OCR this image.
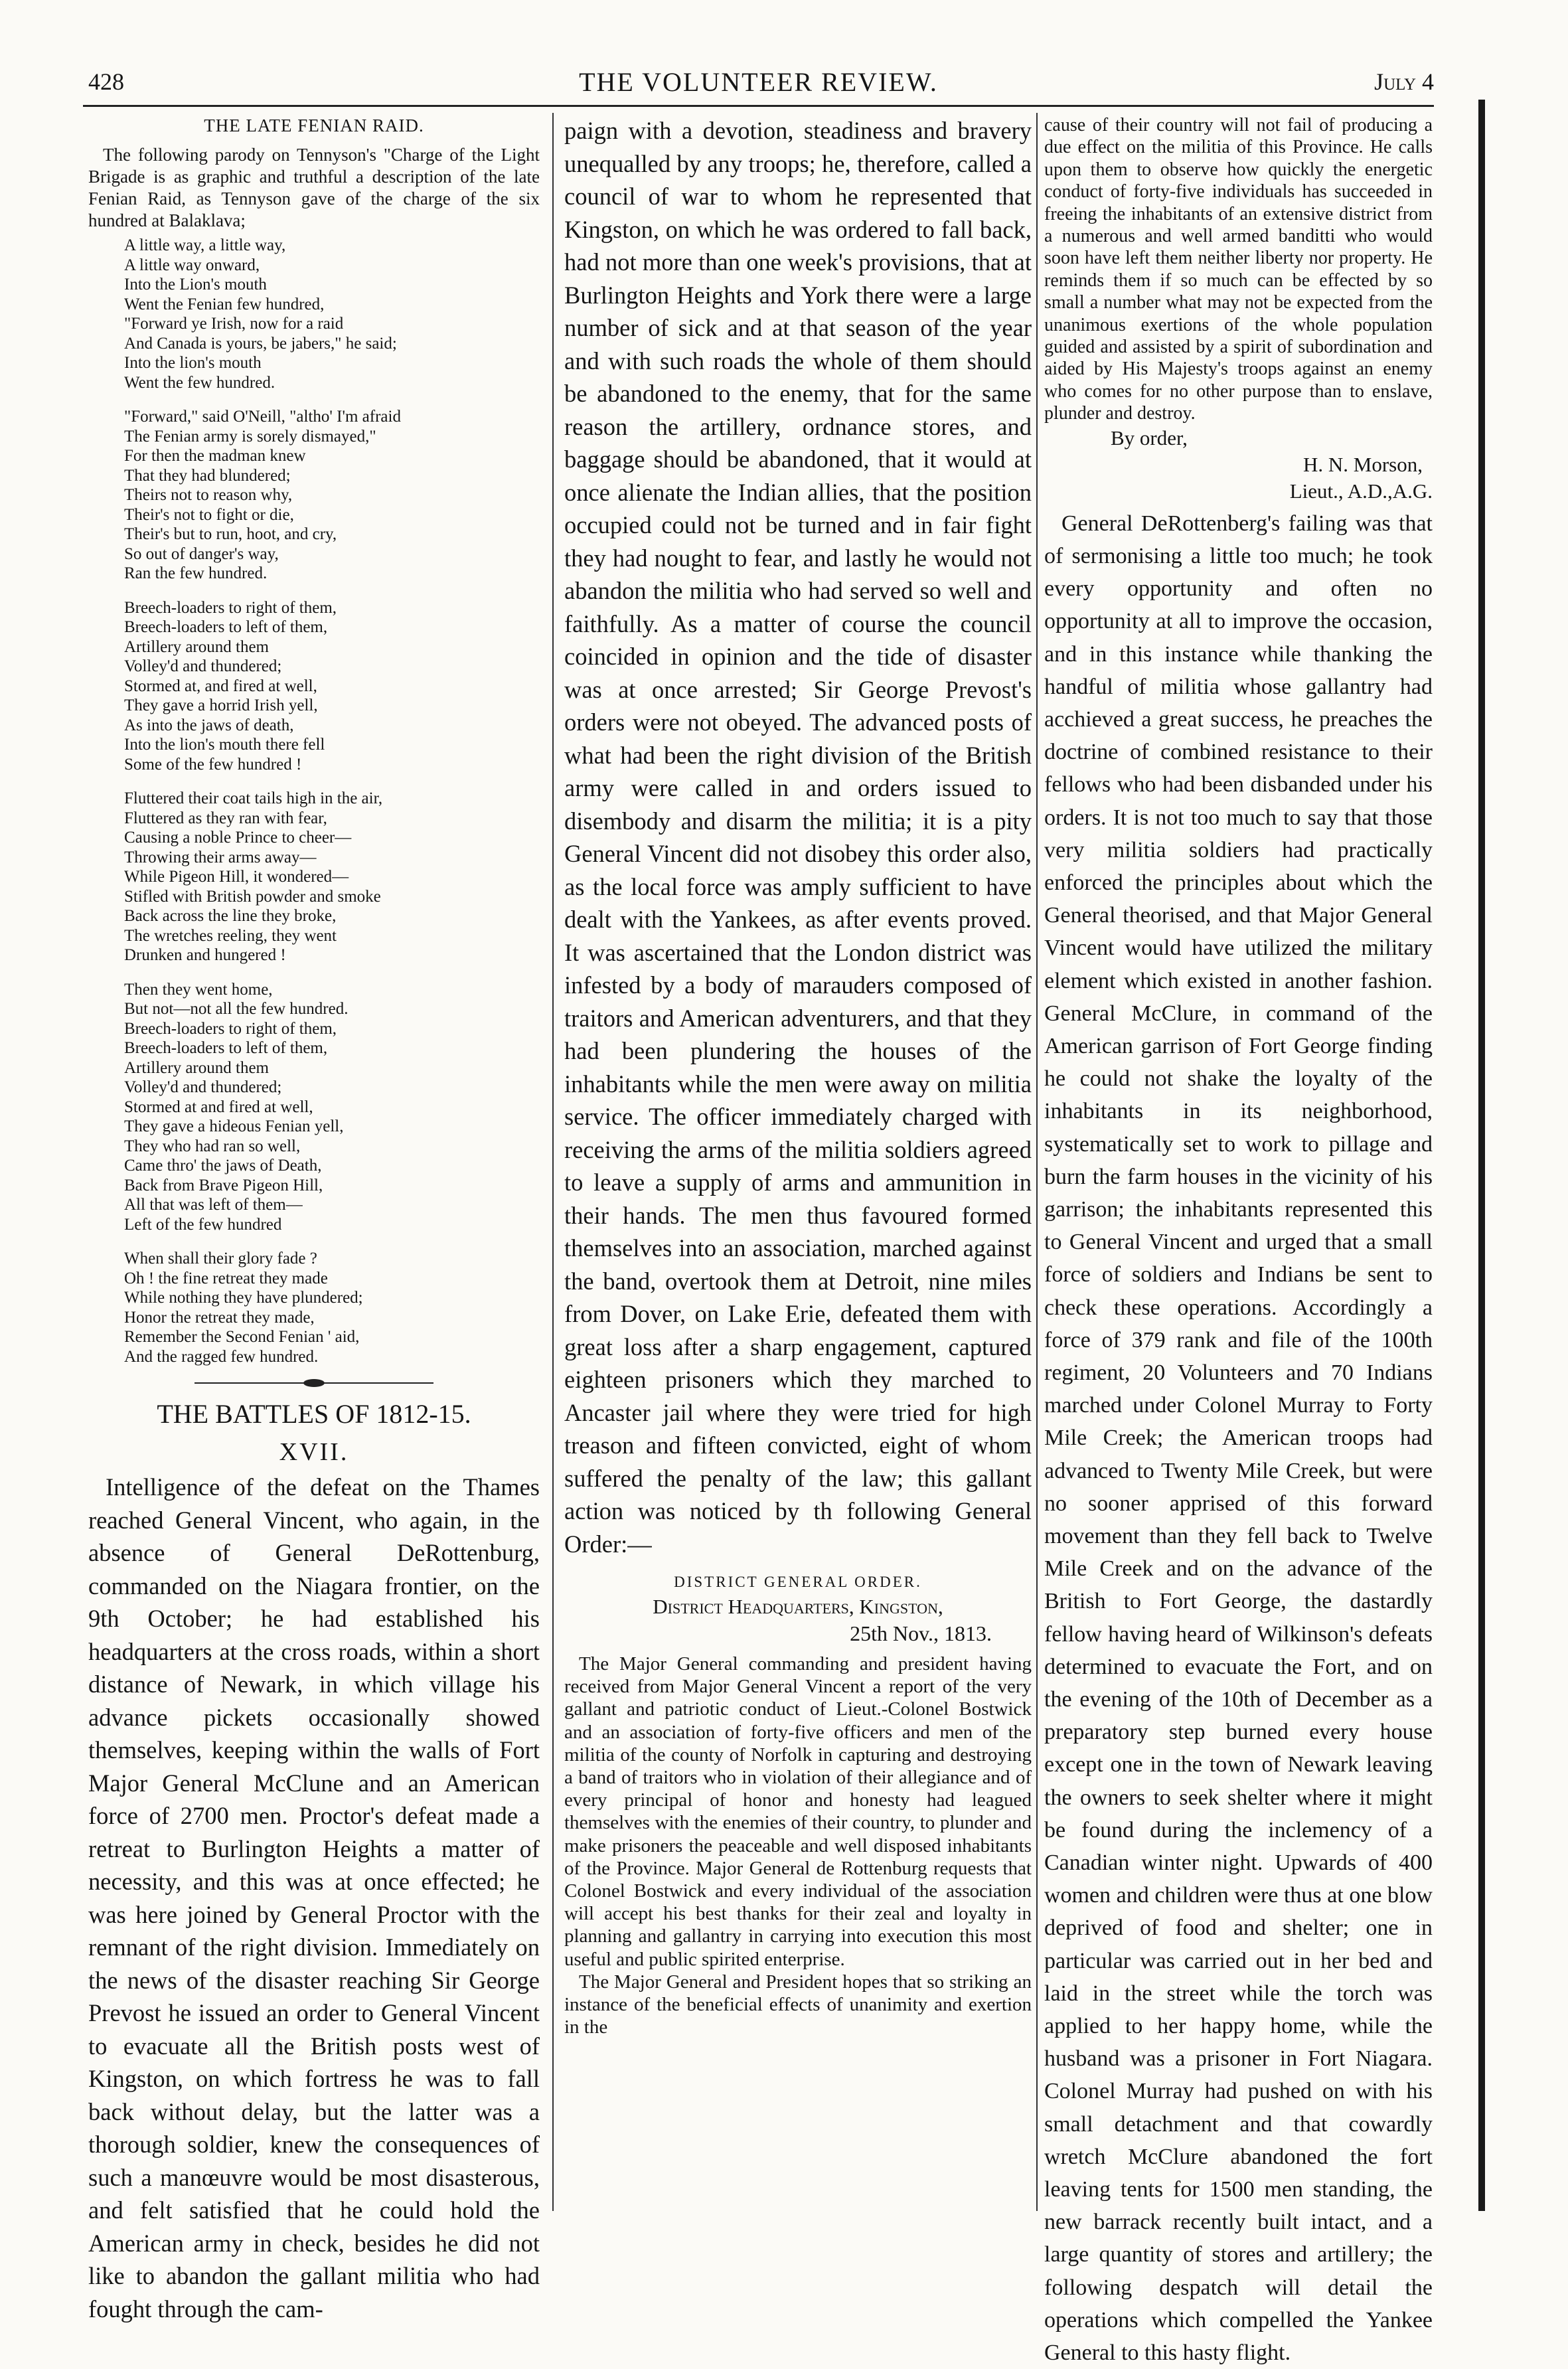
428	THE VOLUNTEER REVIEW.	July 4
THE LATE FENIAN RAID.

The following parody on Tennyson's "Charge of the Light Brigade is as graphic and truthful a description of the late Fenian Raid, as Tennyson gave of the charge of the six hundred at Balaklava;

A little way, a little way,
A little way onward,
Into the Lion's mouth
Went the Fenian few hundred,
"Forward ye Irish, now for a raid
And Canada is yours, be jabers," he said;
Into the lion's mouth
Went the few hundred.
"Forward," said O'Neill, "altho' I'm afraid
The Fenian army is sorely dismayed,"
For then the madman knew
That they had blundered;
Theirs not to reason why,
Their's not to fight or die,
Their's but to run, hoot, and cry,
So out of danger's way,
Ran the few hundred.
Breech-loaders to right of them,
Breech-loaders to left of them,
Artillery around them
Volley'd and thundered;
Stormed at, and fired at well,
They gave a horrid Irish yell,
As into the jaws of death,
Into the lion's mouth there fell
Some of the few hundred !
Fluttered their coat tails high in the air,
Fluttered as they ran with fear,
Causing a noble Prince to cheer—
Throwing their arms away—
While Pigeon Hill, it wondered—
Stifled with British powder and smoke
Back across the line they broke,
The wretches reeling, they went
Drunken and hungered !
Then they went home,
But not—not all the few hundred.
Breech-loaders to right of them,
Breech-loaders to left of them,
Artillery around them
Volley'd and thundered;
Stormed at and fired at well,
They gave a hideous Fenian yell,
They who had ran so well,
Came thro' the jaws of Death,
Back from Brave Pigeon Hill,
All that was left of them—
Left of the few hundred
When shall their glory fade ?
Oh ! the fine retreat they made
While nothing they have plundered;
Honor the retreat they made,
Remember the Second Fenian ' aid,
And the ragged few hundred.
THE BATTLES OF 1812-15.
XVII.

Intelligence of the defeat on the Thames reached General Vincent, who again, in the absence of General DeRottenburg, commanded on the Niagara frontier, on the 9th October; he had established his headquarters at the cross roads, within a short distance of Newark, in which village his advance pickets occasionally showed themselves, keeping within the walls of Fort Major General McClune and an American force of 2700 men. Proctor's defeat made a retreat to Burlington Heights a matter of necessity, and this was at once effected; he was here joined by General Proctor with the remnant of the right division. Immediately on the news of the disaster reaching Sir George Prevost he issued an order to General Vincent to evacuate all the British posts west of Kingston, on which fortress he was to fall back without delay, but the latter was a thorough soldier, knew the consequences of such a manœuvre would be most disasterous, and felt satisfied that he could hold the American army in check, besides he did not like to abandon the gallant militia who had fought through the cam-

paign with a devotion, steadiness and bravery unequalled by any troops; he, therefore, called a council of war to whom he represented that Kingston, on which he was ordered to fall back, had not more than one week's provisions, that at Burlington Heights and York there were a large number of sick and at that season of the year and with such roads the whole of them should be abandoned to the enemy, that for the same reason the artillery, ordnance stores, and baggage should be abandoned, that it would at once alienate the Indian allies, that the position occupied could not be turned and in fair fight they had nought to fear, and lastly he would not abandon the militia who had served so well and faithfully. As a matter of course the council coincided in opinion and the tide of disaster was at once arrested; Sir George Prevost's orders were not obeyed. The advanced posts of what had been the right division of the British army were called in and orders issued to disembody and disarm the militia; it is a pity General Vincent did not disobey this order also, as the local force was amply sufficient to have dealt with the Yankees, as after events proved. It was ascertained that the London district was infested by a body of marauders composed of traitors and American adventurers, and that they had been plundering the houses of the inhabitants while the men were away on militia service. The officer immediately charged with receiving the arms of the militia soldiers agreed to leave a supply of arms and ammunition in their hands. The men thus favoured formed themselves into an association, marched against the band, overtook them at Detroit, nine miles from Dover, on Lake Erie, defeated them with great loss after a sharp engagement, captured eighteen prisoners which they marched to Ancaster jail where they were tried for high treason and fifteen convicted, eight of whom suffered the penalty of the law; this gallant action was noticed by th following General Order:—

DISTRICT GENERAL ORDER.
District Headquarters, Kingston,
25th Nov., 1813.

The Major General commanding and president having received from Major General Vincent a report of the very gallant and patriotic conduct of Lieut.-Colonel Bostwick and an association of forty-five officers and men of the militia of the county of Norfolk in capturing and destroying a band of traitors who in violation of their allegiance and of every principal of honor and honesty had leagued themselves with the enemies of their country, to plunder and make prisoners the peaceable and well disposed inhabitants of the Province. Major General de Rottenburg requests that Colonel Bostwick and every individual of the association will accept his best thanks for their zeal and loyalty in planning and gallantry in carrying into execution this most useful and public spirited enterprise.

The Major General and President hopes that so striking an instance of the beneficial effects of unanimity and exertion in the

cause of their country will not fail of producing a due effect on the militia of this Province. He calls upon them to observe how quickly the energetic conduct of forty-five individuals has succeeded in freeing the inhabitants of an extensive district from a numerous and well armed banditti who would soon have left them neither liberty nor property. He reminds them if so much can be effected by so small a number what may not be expected from the unanimous exertions of the whole population guided and assisted by a spirit of subordination and aided by His Majesty's troops against an enemy who comes for no other purpose than to enslave, plunder and destroy.

By order,
H. N. Morson,
Lieut., A.D.,A.G.

General DeRottenberg's failing was that of sermonising a little too much; he took every opportunity and often no opportunity at all to improve the occasion, and in this instance while thanking the handful of militia whose gallantry had acchieved a great success, he preaches the doctrine of combined resistance to their fellows who had been disbanded under his orders. It is not too much to say that those very militia soldiers had practically enforced the principles about which the General theorised, and that Major General Vincent would have utilized the military element which existed in another fashion. General McClure, in command of the American garrison of Fort George finding he could not shake the loyalty of the inhabitants in its neighborhood, systematically set to work to pillage and burn the farm houses in the vicinity of his garrison; the inhabitants represented this to General Vincent and urged that a small force of soldiers and Indians be sent to check these operations. Accordingly a force of 379 rank and file of the 100th regiment, 20 Volunteers and 70 Indians marched under Colonel Murray to Forty Mile Creek; the American troops had advanced to Twenty Mile Creek, but were no sooner apprised of this forward movement than they fell back to Twelve Mile Creek and on the advance of the British to Fort George, the dastardly fellow having heard of Wilkinson's defeats determined to evacuate the Fort, and on the evening of the 10th of December as a preparatory step burned every house except one in the town of Newark leaving the owners to seek shelter where it might be found during the inclemency of a Canadian winter night. Upwards of 400 women and children were thus at one blow deprived of food and shelter; one in particular was carried out in her bed and laid in the street while the torch was applied to her happy home, while the husband was a prisoner in Fort Niagara. Colonel Murray had pushed on with his small detachment and that cowardly wretch McClure abandoned the fort leaving tents for 1500 men standing, the new barrack recently built intact, and a large quantity of stores and artillery; the following despatch will detail the operations which compelled the Yankee General to this hasty flight.
